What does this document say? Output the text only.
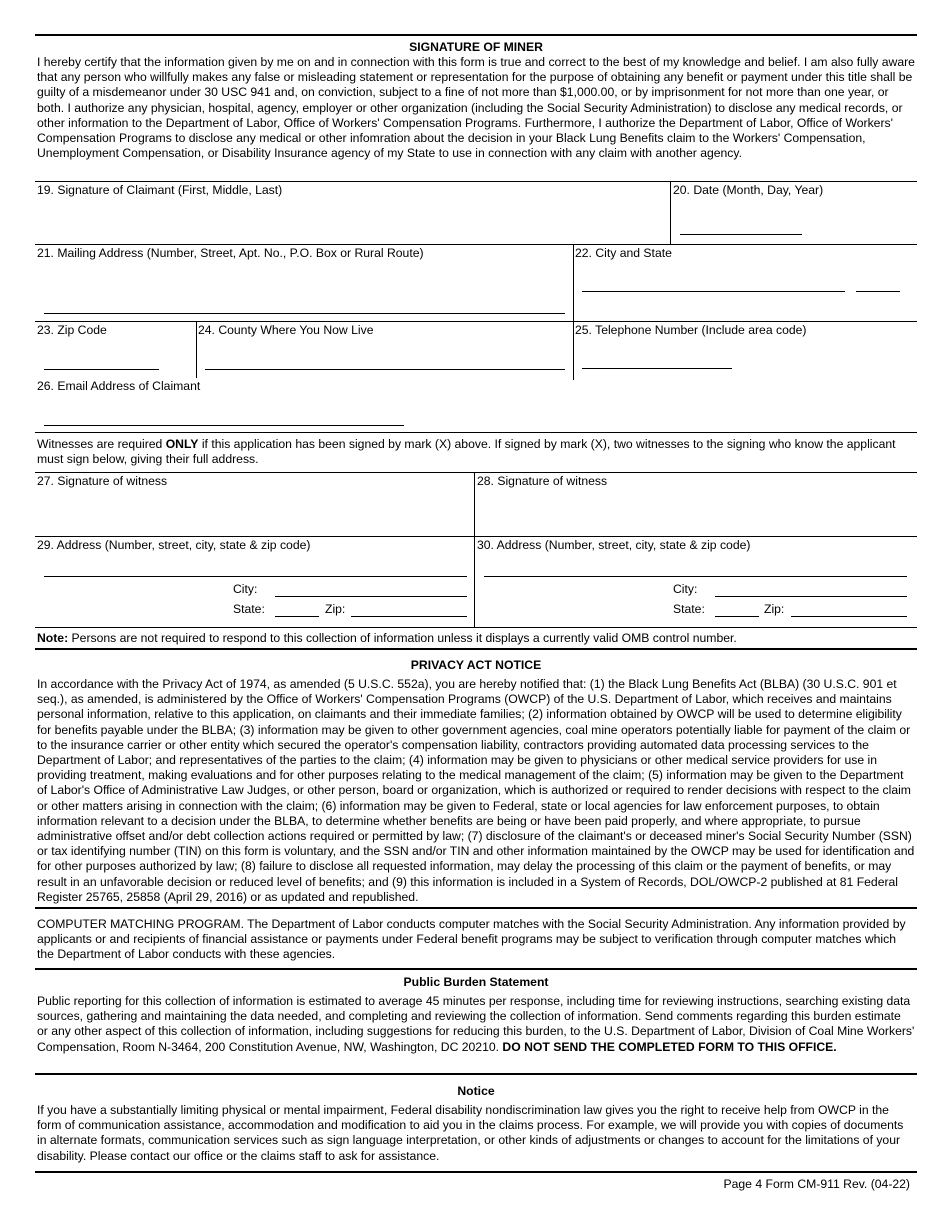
SIGNATURE OF MINER

I hereby certify that the information given by me on and in connection with this form is true and correct to the best of my knowledge and belief. I am also fully aware that any person who willfully makes any false or misleading statement or representation for the purpose of obtaining any benefit or payment under this title shall be guilty of a misdemeanor under 30 USC 941 and, on conviction, subject to a fine of not more than $1,000.00, or by imprisonment for not more than one year, or both. I authorize any physician, hospital, agency, employer or other organization (including the Social Security Administration) to disclose any medical records, or other information to the Department of Labor, Office of Workers' Compensation Programs. Furthermore, I authorize the Department of Labor, Office of Workers' Compensation Programs to disclose any medical or other infomration about the decision in your Black Lung Benefits claim to the Workers' Compensation, Unemployment Compensation, or Disability Insurance agency of my State to use in connection with any claim with another agency.

19. Signature of Claimant (First, Middle, Last)	20. Date (Month, Day, Year)
21. Mailing Address (Number, Street, Apt. No., P.O. Box or Rural Route)	22. City and State
23. Zip Code	24. County Where You Now Live	25. Telephone Number (Include area code)
26. Email Address of Claimant

Witnesses are required ONLY if this application has been signed by mark (X) above. If signed by mark (X), two witnesses to the signing who know the applicant must sign below, giving their full address.

27. Signature of witness	28. Signature of witness
29. Address (Number, street, city, state & zip code)
City:
State:	Zip:
30. Address (Number, street, city, state & zip code)
City:
State:	Zip:
Note: Persons are not required to respond to this collection of information unless it displays a currently valid OMB control number.
PRIVACY ACT NOTICE

In accordance with the Privacy Act of 1974, as amended (5 U.S.C. 552a), you are hereby notified that: (1) the Black Lung Benefits Act (BLBA) (30 U.S.C. 901 et seq.), as amended, is administered by the Office of Workers' Compensation Programs (OWCP) of the U.S. Department of Labor, which receives and maintains personal information, relative to this application, on claimants and their immediate families; (2) information obtained by OWCP will be used to determine eligibility for benefits payable under the BLBA; (3) information may be given to other government agencies, coal mine operators potentially liable for payment of the claim or to the insurance carrier or other entity which secured the operator's compensation liability, contractors providing automated data processing services to the Department of Labor; and representatives of the parties to the claim; (4) information may be given to physicians or other medical service providers for use in providing treatment, making evaluations and for other purposes relating to the medical management of the claim; (5) information may be given to the Department of Labor's Office of Administrative Law Judges, or other person, board or organization, which is authorized or required to render decisions with respect to the claim or other matters arising in connection with the claim; (6) information may be given to Federal, state or local agencies for law enforcement purposes, to obtain information relevant to a decision under the BLBA, to determine whether benefits are being or have been paid properly, and where appropriate, to pursue administrative offset and/or debt collection actions required or permitted by law; (7) disclosure of the claimant's or deceased miner's Social Security Number (SSN) or tax identifying number (TIN) on this form is voluntary, and the SSN and/or TIN and other information maintained by the OWCP may be used for identification and for other purposes authorized by law; (8) failure to disclose all requested information, may delay the processing of this claim or the payment of benefits, or may result in an unfavorable decision or reduced level of benefits; and (9) this information is included in a System of Records, DOL/OWCP-2 published at 81 Federal Register 25765, 25858 (April 29, 2016) or as updated and republished.

COMPUTER MATCHING PROGRAM. The Department of Labor conducts computer matches with the Social Security Administration. Any information provided by applicants or and recipients of financial assistance or payments under Federal benefit programs may be subject to verification through computer matches which the Department of Labor conducts with these agencies.

Public Burden Statement

Public reporting for this collection of information is estimated to average 45 minutes per response, including time for reviewing instructions, searching existing data sources, gathering and maintaining the data needed, and completing and reviewing the collection of information. Send comments regarding this burden estimate or any other aspect of this collection of information, including suggestions for reducing this burden, to the U.S. Department of Labor, Division of Coal Mine Workers' Compensation, Room N-3464, 200 Constitution Avenue, NW, Washington, DC 20210. DO NOT SEND THE COMPLETED FORM TO THIS OFFICE.

Notice

If you have a substantially limiting physical or mental impairment, Federal disability nondiscrimination law gives you the right to receive help from OWCP in the form of communication assistance, accommodation and modification to aid you in the claims process. For example, we will provide you with copies of documents in alternate formats, communication services such as sign language interpretation, or other kinds of adjustments or changes to account for the limitations of your disability. Please contact our office or the claims staff to ask for assistance.

Page 4 Form CM-911 Rev. (04-22)
